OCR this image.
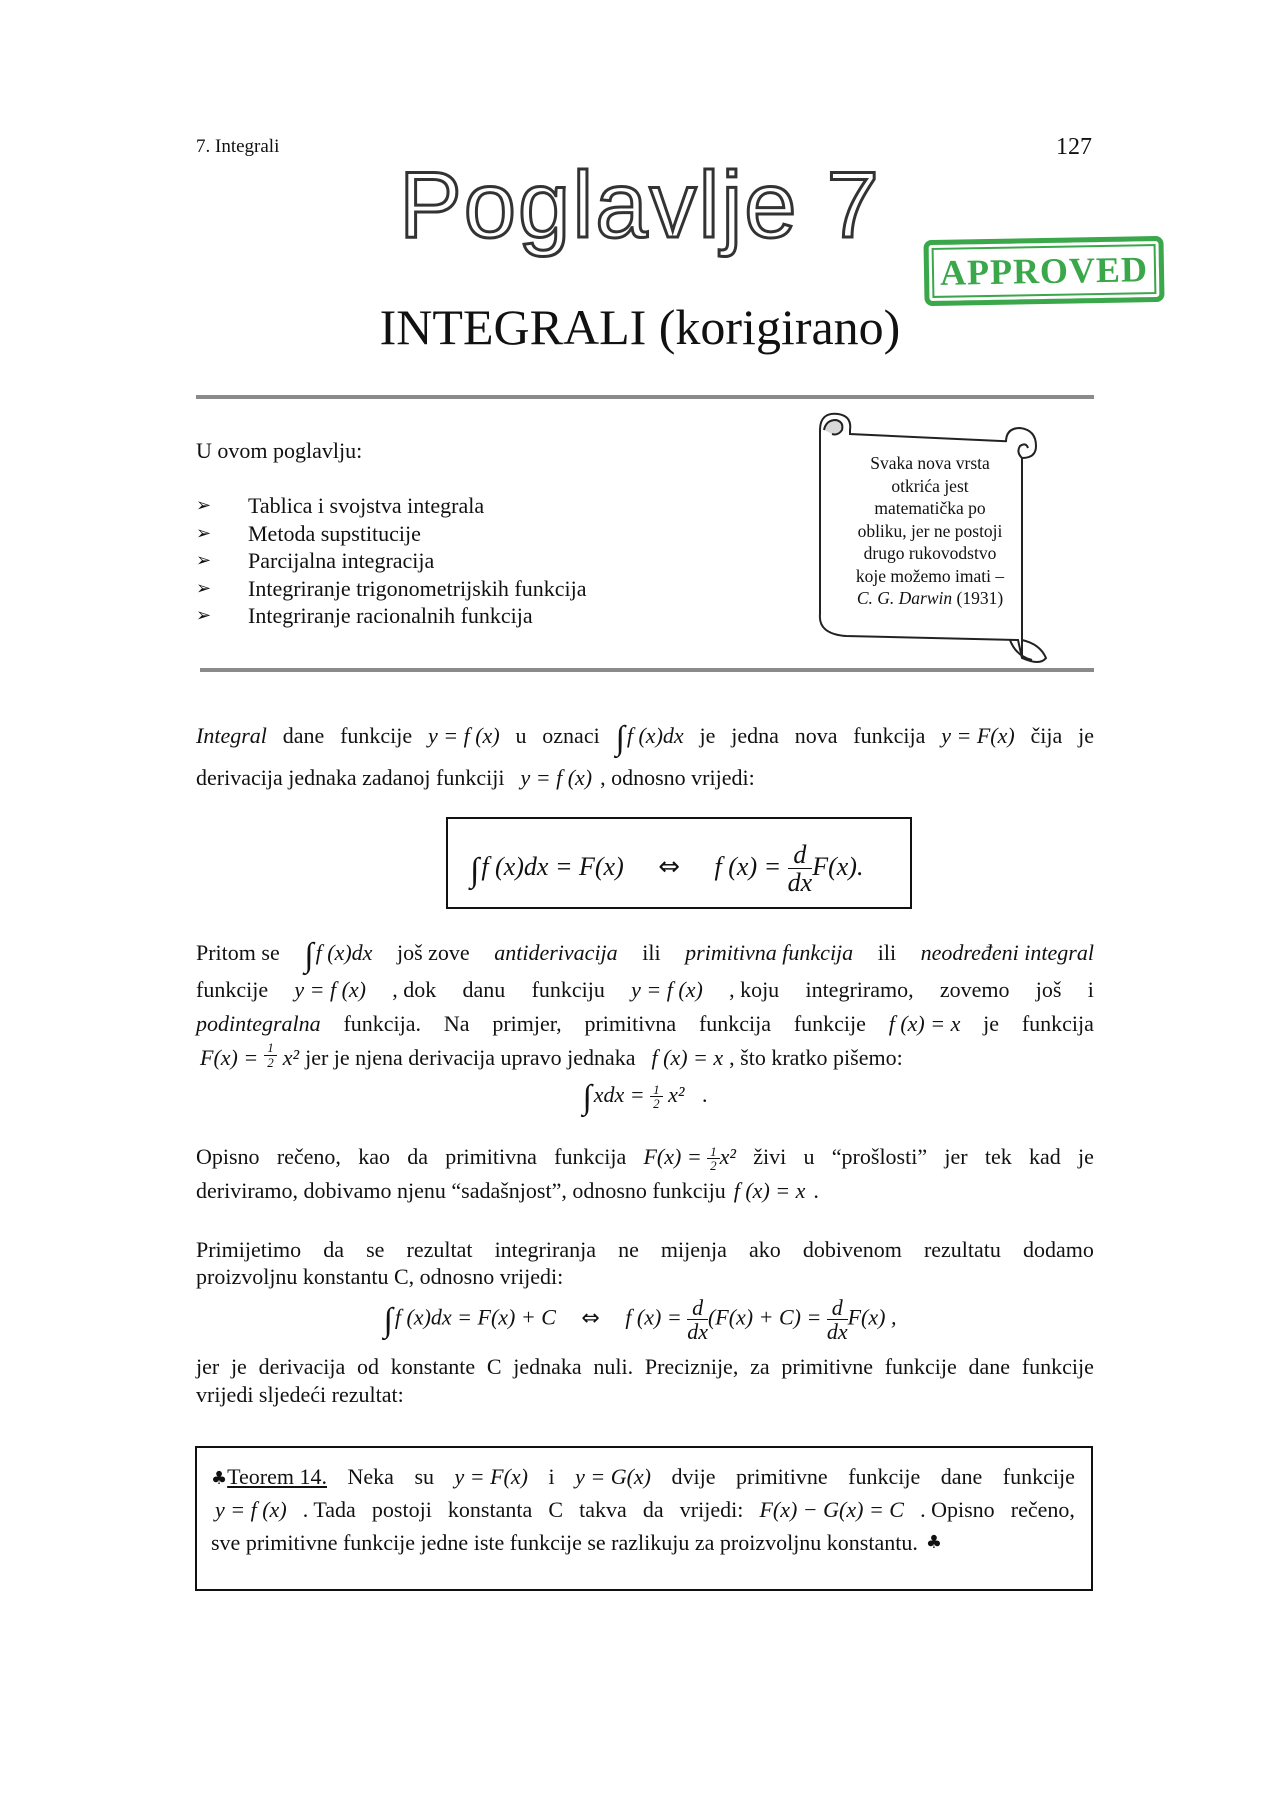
7. Integrali	127
Poglavlje 7
APPROVED
INTEGRALI (korigirano)
U ovom poglavlju:
➢	Tablica i svojstva integrala
➢	Metoda supstitucije
➢	Parcijalna integracija
➢	Integriranje trigonometrijskih funkcija
➢	Integriranje racionalnih funkcija
Svaka nova vrsta
otkrića jest
matematička po
obliku, jer ne postoji
drugo rukovodstvo
koje možemo imati –
C. G. Darwin (1931)
Integral dane funkcije y = f (x) u oznaci ∫f (x)dx je jedna nova funkcija y = F(x) čija je
derivacija jednaka zadanoj funkciji y = f (x) , odnosno vrijedi:
∫f (x)dx = F(x) ⇔ f $(x) = \frac{d}{dx} F(x)$.
Pritom se ∫f (x)dx još zove antiderivacija ili primitivna funkcija ili neodređeni integral
funkcije y = f (x) , dok danu funkciju y = f (x) , koju integriramo, zovemo još i
podintegralna funkcija. Na primjer, primitivna funkcija funkcije f (x) = x je funkcija
$F(x) = \frac{1}{2} x^2$ jer je njena derivacija upravo jednaka f (x) = x , što kratko pišemo:
$\int xdx = \frac{1}{2} x^2$ .
Opisno rečeno, kao da primitivna funkcija $F(x) = \frac{1}{2} x^2$ živi u “prošlosti” jer tek kad je
deriviramo, dobivamo njenu “sadašnjost”, odnosno funkciju f (x) = x .
Primijetimo da se rezultat integriranja ne mijenja ako dobivenom rezultatu dodamo
proizvoljnu konstantu C, odnosno vrijedi:
∫f (x)dx = F(x) + C ⇔ f $(x) = \frac{d}{dx} (F(x) + C) = \frac{d}{dx} F(x)$ ,
jer je derivacija od konstante C jednaka nuli. Preciznije, za primitivne funkcije dane funkcije
vrijedi sljedeći rezultat:
♣Teorem 14. Neka su y = F(x) i y = G(x) dvije primitivne funkcije dane funkcije
y = f (x) . Tada postoji konstanta C takva da vrijedi: F(x) − G(x) = C . Opisno rečeno,
sve primitivne funkcije jedne iste funkcije se razlikuju za proizvoljnu konstantu. ♣
